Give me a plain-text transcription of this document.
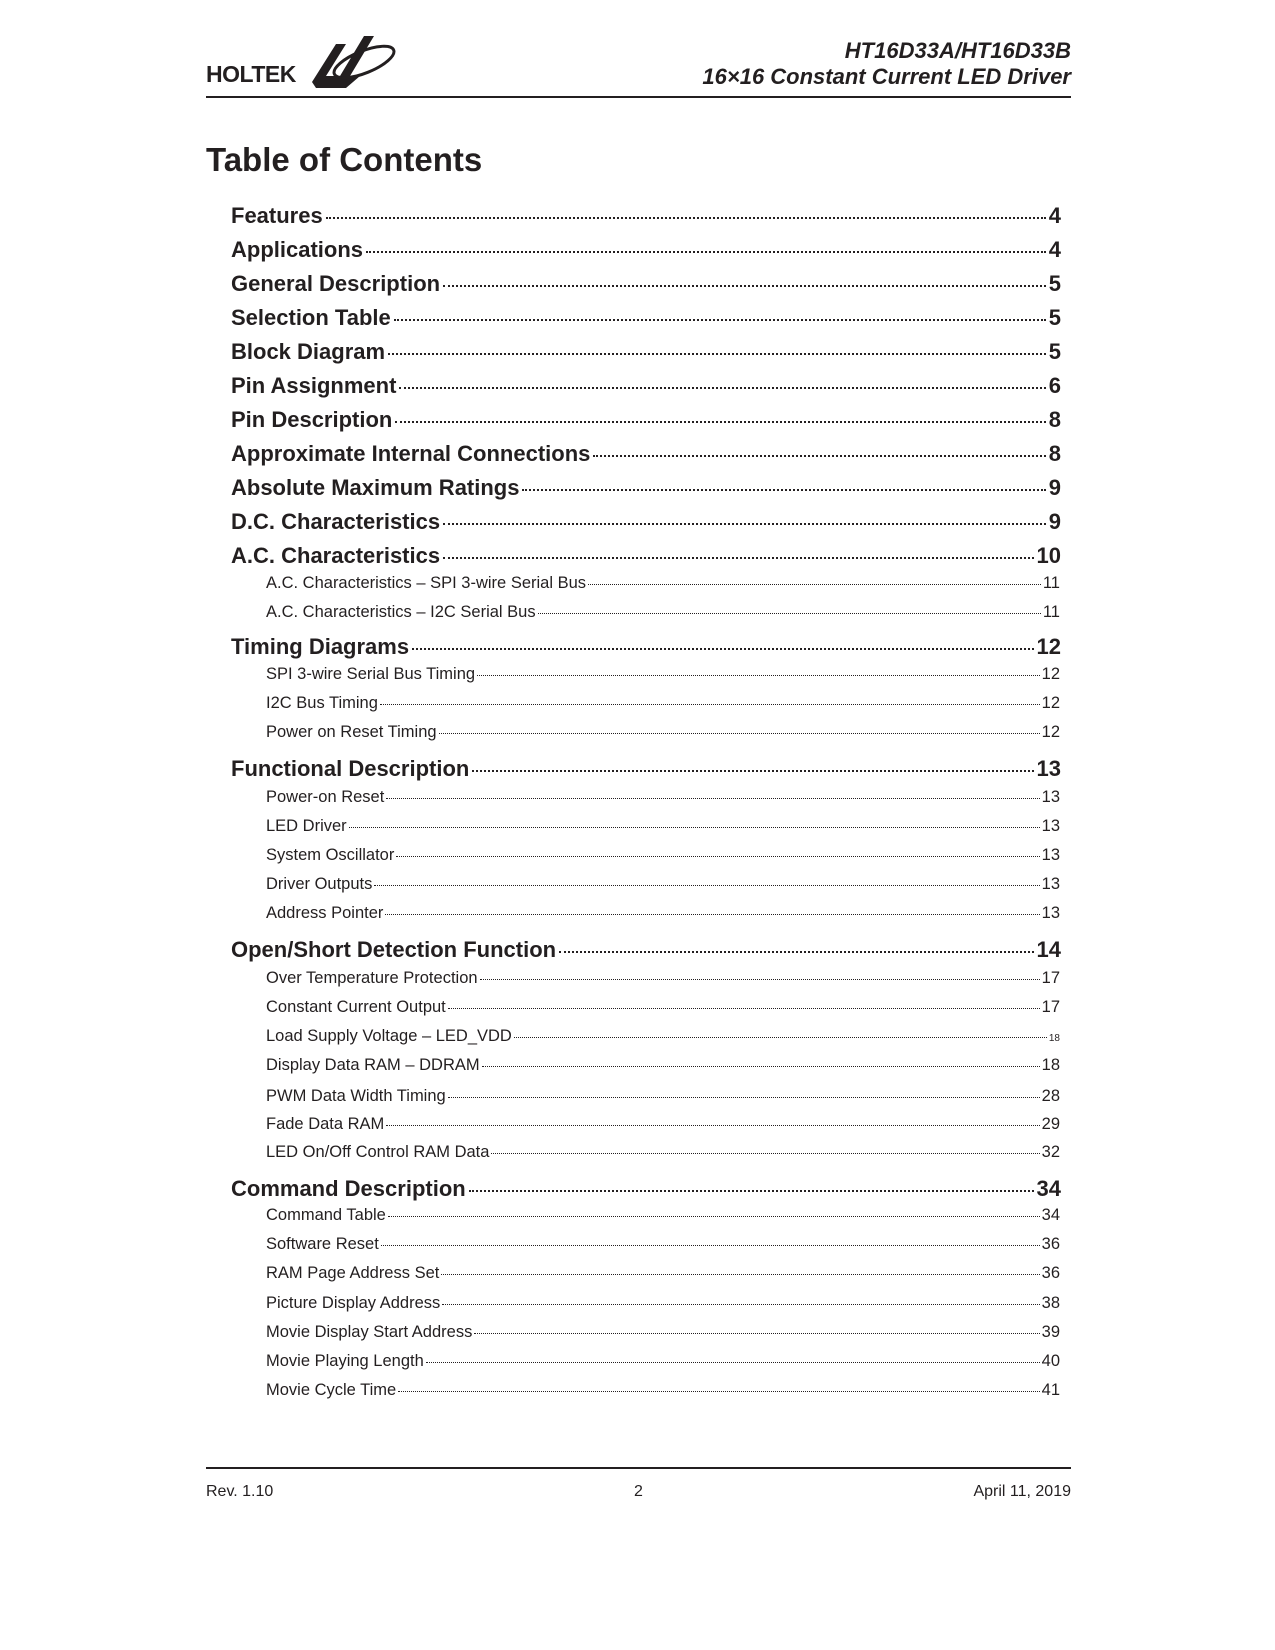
HOLTEK
HT16D33A/HT16D33B
16×16 Constant Current LED Driver
Table of Contents
Features	4
Applications	4
General Description	5
Selection Table	5
Block Diagram	5
Pin Assignment	6
Pin Description	8
Approximate Internal Connections	8
Absolute Maximum Ratings	9
D.C. Characteristics	9
A.C. Characteristics	10
A.C. Characteristics – SPI 3-wire Serial Bus	11
A.C. Characteristics – I2C Serial Bus	11
Timing Diagrams	12
SPI 3-wire Serial Bus Timing	12
I2C Bus Timing	12
Power on Reset Timing	12
Functional Description	13
Power-on Reset	13
LED Driver	13
System Oscillator	13
Driver Outputs	13
Address Pointer	13
Open/Short Detection Function	14
Over Temperature Protection	17
Constant Current Output	17
Load Supply Voltage – LED_VDD	18
Display Data RAM – DDRAM	18
PWM Data Width Timing	28
Fade Data RAM	29
LED On/Off Control RAM Data	32
Command Description	34
Command Table	34
Software Reset	36
RAM Page Address Set	36
Picture Display Address	38
Movie Display Start Address	39
Movie Playing Length	40
Movie Cycle Time	41
Rev. 1.10	2	April 11, 2019
